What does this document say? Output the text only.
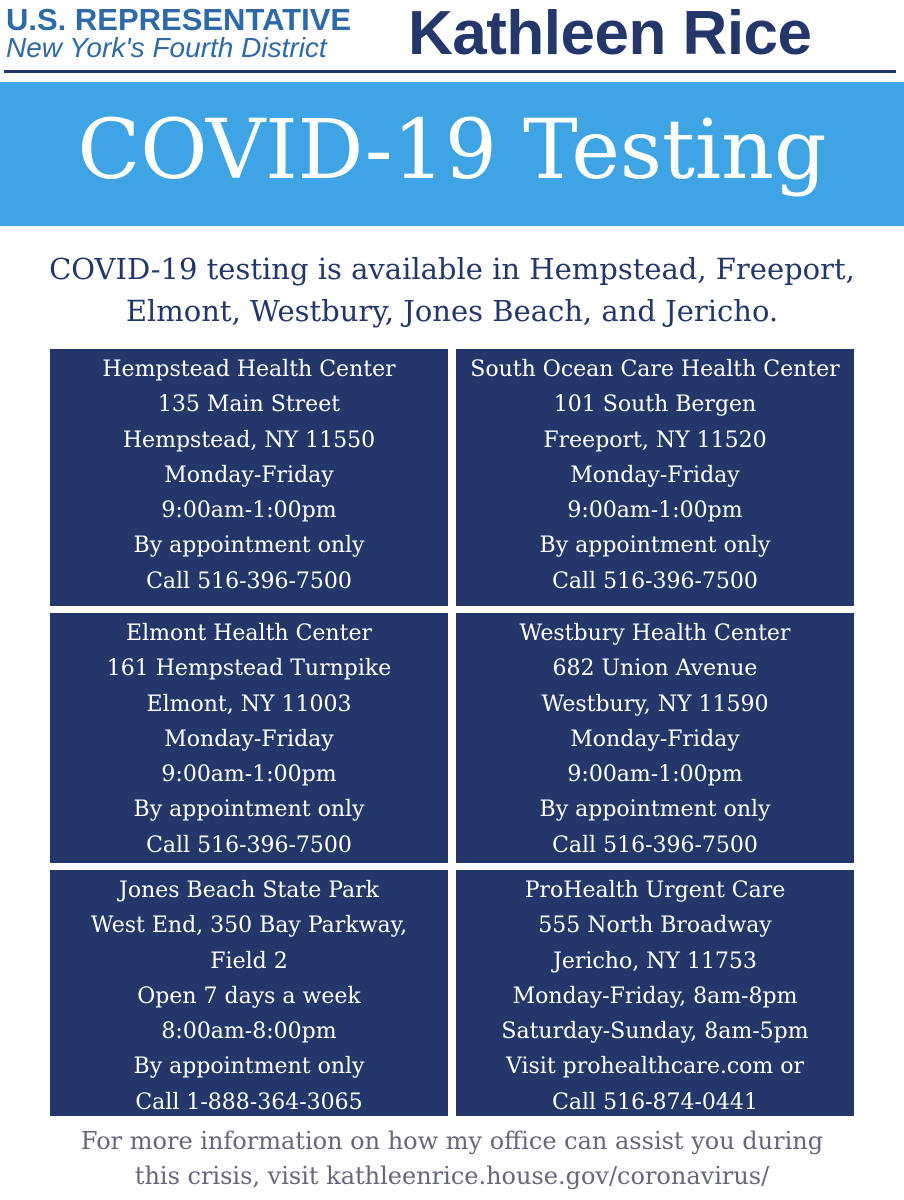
U.S. REPRESENTATIVE
New York's Fourth District Kathleen Rice
COVID-19 Testing
COVID-19 testing is available in Hempstead, Freeport,
Elmont, Westbury, Jones Beach, and Jericho.
Hempstead Health Center
135 Main Street
Hempstead, NY 11550
Monday-Friday
9:00am-1:00pm
By appointment only
Call 516-396-7500
South Ocean Care Health Center
101 South Bergen
Freeport, NY 11520
Monday-Friday
9:00am-1:00pm
By appointment only
Call 516-396-7500
Elmont Health Center
161 Hempstead Turnpike
Elmont, NY 11003
Monday-Friday
9:00am-1:00pm
By appointment only
Call 516-396-7500
Westbury Health Center
682 Union Avenue
Westbury, NY 11590
Monday-Friday
9:00am-1:00pm
By appointment only
Call 516-396-7500
Jones Beach State Park
West End, 350 Bay Parkway,
Field 2
Open 7 days a week
8:00am-8:00pm
By appointment only
Call 1-888-364-3065
ProHealth Urgent Care
555 North Broadway
Jericho, NY 11753
Monday-Friday, 8am-8pm
Saturday-Sunday, 8am-5pm
Visit prohealthcare.com or
Call 516-874-0441
For more information on how my office can assist you during
this crisis, visit kathleenrice.house.gov/coronavirus/
